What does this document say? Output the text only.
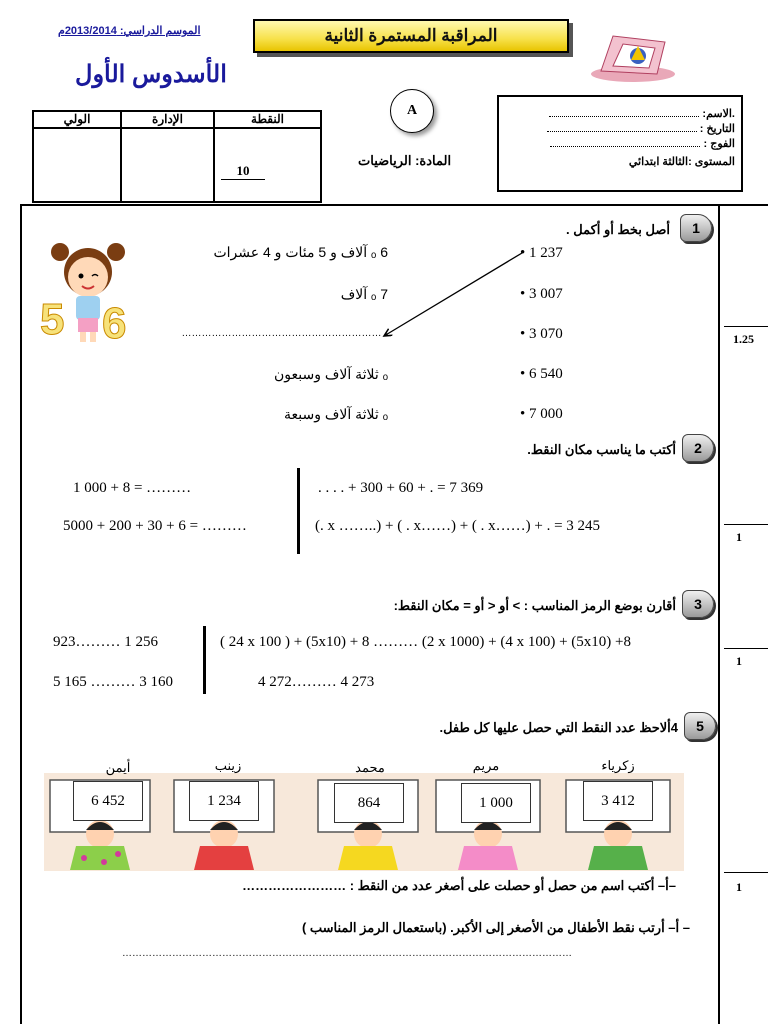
المراقبة المستمرة الثانية
الموسم الدراسي: 2013/2014م
الأسدوس الأول
A
المادة: الرياضيات
الولي	الإدارة	النقطة

		10
.الاسم:
التاريخ :
الفوج :
المستوى :الثالثة ابتدائي
1
أصل بخط أو أكمل .
5 6
• 1 237
• 3 007
• 3 070
• 6 540
• 7 000
ₒ 6 آلاف و 5 مئات و 4 عشرات
ₒ 7 آلاف
ₒ ……………………………………………………
ₒ ثلاثة آلاف وسبعون
ₒ ثلاثة آلاف وسبعة
1.25
2
أكتب ما يناسب مكان النقط.
1 000 + 8 = ………
5000 + 200 + 30 + 6 = ………
. . . . + 300 + 60 + . = 7 369
(. x ……..) + ( . x……) + ( . x……) + . = 3 245
1
3
أقارن بوضع الرمز المناسب : > أو < أو = مكان النقط:
923……… 1 256
5 165 ……… 3 160
( 24 x 100 ) + (5x10) + 8 ……… (2 x 1000) + (4 x 100) + (5x10) +8
4 272……… 4 273
1
5
4ألاحظ عدد النقط التي حصل عليها كل طفل.
أيمن	زينب	محمد	مريم	زكرياء
6 452	1 234	864	1 000	3 412
–أ– أكتب اسم من حصل أو حصلت على أصغر عدد من النقط : ……………………
– أ– أرتب نقط الأطفال من الأصغر إلى الأكبر. (باستعمال الرمز المناسب )
………………………………………………………………………………………………………………………
1
